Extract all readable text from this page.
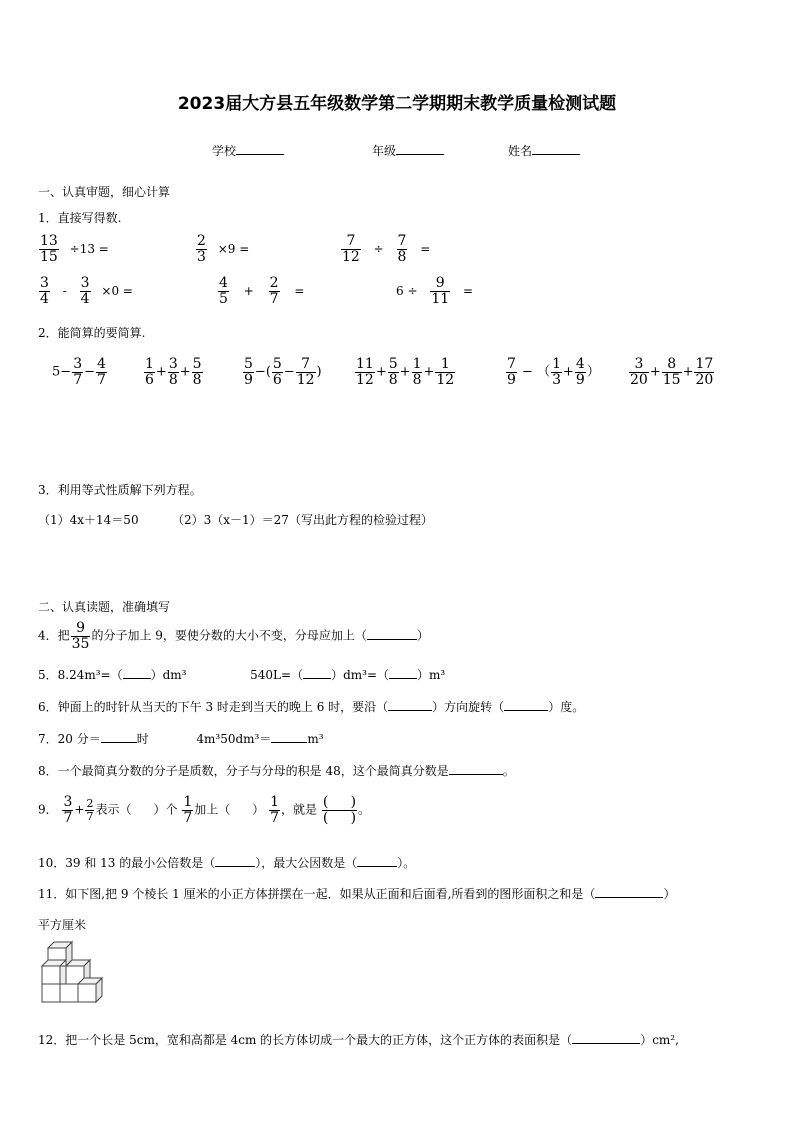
2023届大方县五年级数学第二学期期末教学质量检测试题
学校	年级	姓名
一、认真审题，细心计算
1．直接写得数.
$\frac{13}{15} \div 13$ =	$\frac{2}{3} \times 9$ =	$\frac{7}{12} \div \frac{7}{8}$ =
$\frac{3}{4} - \frac{3}{4} \times 0$ =	$\frac{4}{5} + \frac{2}{7}$ =	$6 \div \frac{9}{11}$ =
2．能简算的要简算.
$5- \frac{3}{7} - \frac{4}{7}$	$\frac{1}{6} + \frac{3}{8} + \frac{5}{8}$	$\frac{5}{9}$ −( $\frac{5}{6} - \frac{7}{12}$ ) $\frac{11}{12} + \frac{5}{8} + \frac{1}{8} + \frac{1}{12}$	$\frac{7}{9}$ − （ $\frac{1}{3} + \frac{4}{9}$ ） $\frac{3}{20} + \frac{8}{15} + \frac{17}{20}$
3．利用等式性质解下列方程。
（1）4x＋14＝50	（2）3（x－1）＝27（写出此方程的检验过程）
二、认真读题，准确填写
4．把 $\frac{9}{35}$ 的分子加上 9，要使分数的大小不变，分母应加上（	）
5．8.24m³=（ ）dm³	540L=（ ）dm³=（ ）m³
6．钟面上的时针从当天的下午 3 时走到当天的晚上 6 时，要沿（	）方向旋转（	）度。
7．20 分＝	时	4m³50dm³＝	m³
8．一个最简真分数的分子是质数，分子与分母的积是 48，这个最简真分数是	。
9． $\frac{3}{7} + \frac{2}{7}$ 表示（ ）个 $\frac{1}{7}$ 加上（ ） $\frac{1}{7}$ ，就是 $\frac{( )}{( )}$ 。
10．39 和 13 的最小公倍数是（	），最大公因数是（	）。
11．如下图,把 9 个棱长 1 厘米的小正方体拼摆在一起．如果从正面和后面看,所看到的图形面积之和是（	）
平方厘米
12．把一个长是 5cm，宽和高都是 4cm 的长方体切成一个最大的正方体，这个正方体的表面积是（	）cm²,
